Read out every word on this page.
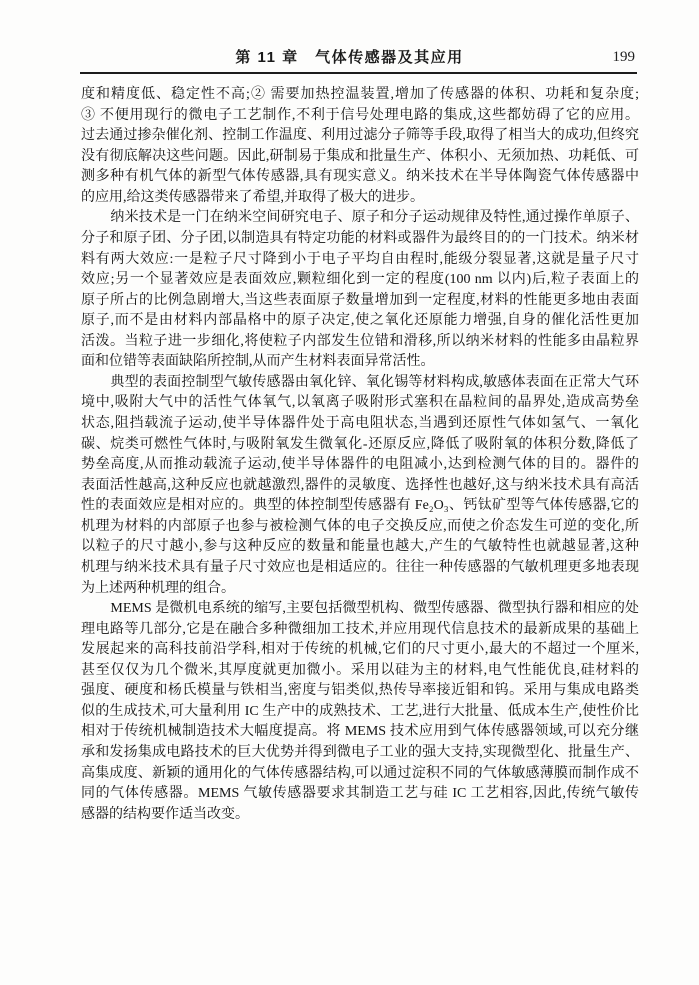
第 11 章　气体传感器及其应用	199
度和精度低、稳定性不高;② 需要加热控温装置,增加了传感器的体积、功耗和复杂度;
③ 不便用现行的微电子工艺制作,不利于信号处理电路的集成,这些都妨碍了它的应用。
过去通过掺杂催化剂、控制工作温度、利用过滤分子筛等手段,取得了相当大的成功,但终究
没有彻底解决这些问题。因此,研制易于集成和批量生产、体积小、无须加热、功耗低、可
测多种有机气体的新型气体传感器,具有现实意义。纳米技术在半导体陶瓷气体传感器中
的应用,给这类传感器带来了希望,并取得了极大的进步。
纳米技术是一门在纳米空间研究电子、原子和分子运动规律及特性,通过操作单原子、
分子和原子团、分子团,以制造具有特定功能的材料或器件为最终目的的一门技术。纳米材
料有两大效应:一是粒子尺寸降到小于电子平均自由程时,能级分裂显著,这就是量子尺寸
效应;另一个显著效应是表面效应,颗粒细化到一定的程度(100 nm 以内)后,粒子表面上的
原子所占的比例急剧增大,当这些表面原子数量增加到一定程度,材料的性能更多地由表面
原子,而不是由材料内部晶格中的原子决定,使之氧化还原能力增强,自身的催化活性更加
活泼。当粒子进一步细化,将使粒子内部发生位错和滑移,所以纳米材料的性能多由晶粒界
面和位错等表面缺陷所控制,从而产生材料表面异常活性。
典型的表面控制型气敏传感器由氧化锌、氧化锡等材料构成,敏感体表面在正常大气环
境中,吸附大气中的活性气体氧气,以氧离子吸附形式塞积在晶粒间的晶界处,造成高势垒
状态,阻挡载流子运动,使半导体器件处于高电阻状态,当遇到还原性气体如氢气、一氧化
碳、烷类可燃性气体时,与吸附氧发生微氧化-还原反应,降低了吸附氧的体积分数,降低了
势垒高度,从而推动载流子运动,使半导体器件的电阻减小,达到检测气体的目的。器件的
表面活性越高,这种反应也就越激烈,器件的灵敏度、选择性也越好,这与纳米技术具有高活
性的表面效应是相对应的。典型的体控制型传感器有 Fe₂O₃、钙钛矿型等气体传感器,它的
机理为材料的内部原子也参与被检测气体的电子交换反应,而使之价态发生可逆的变化,所
以粒子的尺寸越小,参与这种反应的数量和能量也越大,产生的气敏特性也就越显著,这种
机理与纳米技术具有量子尺寸效应也是相适应的。往往一种传感器的气敏机理更多地表现
为上述两种机理的组合。
MEMS 是微机电系统的缩写,主要包括微型机构、微型传感器、微型执行器和相应的处
理电路等几部分,它是在融合多种微细加工技术,并应用现代信息技术的最新成果的基础上
发展起来的高科技前沿学科,相对于传统的机械,它们的尺寸更小,最大的不超过一个厘米,
甚至仅仅为几个微米,其厚度就更加微小。采用以硅为主的材料,电气性能优良,硅材料的
强度、硬度和杨氏模量与铁相当,密度与铝类似,热传导率接近钼和钨。采用与集成电路类
似的生成技术,可大量利用 IC 生产中的成熟技术、工艺,进行大批量、低成本生产,使性价比
相对于传统机械制造技术大幅度提高。将 MEMS 技术应用到气体传感器领域,可以充分继
承和发扬集成电路技术的巨大优势并得到微电子工业的强大支持,实现微型化、批量生产、
高集成度、新颖的通用化的气体传感器结构,可以通过淀积不同的气体敏感薄膜而制作成不
同的气体传感器。MEMS 气敏传感器要求其制造工艺与硅 IC 工艺相容,因此,传统气敏传
感器的结构要作适当改变。
